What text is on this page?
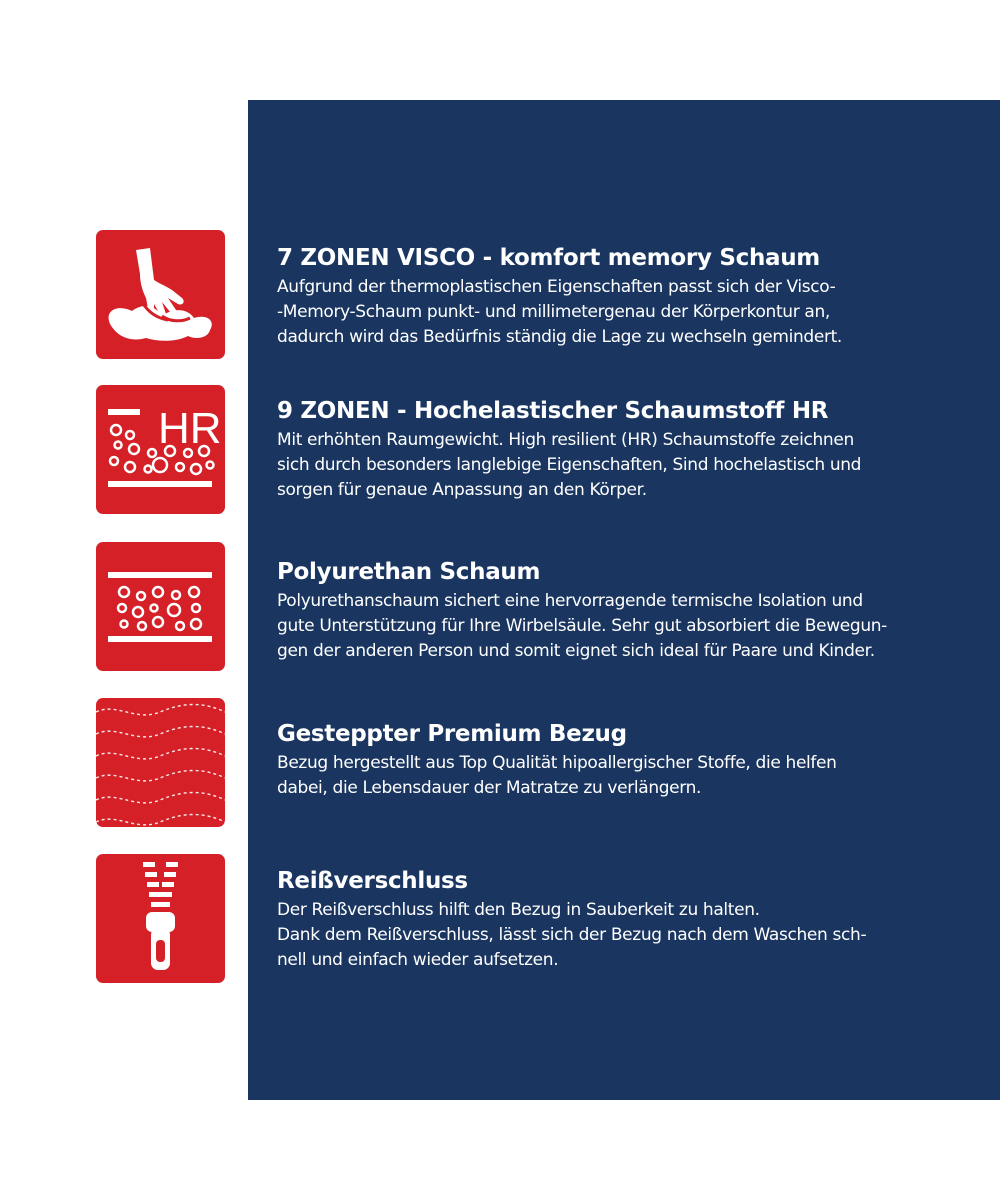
7 ZONEN VISCO - komfort memory Schaum
Aufgrund der thermoplastischen Eigenschaften passt sich der Visco-
-Memory-Schaum punkt- und millimetergenau der Körperkontur an,
dadurch wird das Bedürfnis ständig die Lage zu wechseln gemindert.
HR 9 ZONEN - Hochelastischer Schaumstoff HR
Mit erhöhten Raumgewicht. High resilient (HR) Schaumstoffe zeichnen
sich durch besonders langlebige Eigenschaften, Sind hochelastisch und
sorgen für genaue Anpassung an den Körper.
Polyurethan Schaum
Polyurethanschaum sichert eine hervorragende termische Isolation und
gute Unterstützung für Ihre Wirbelsäule. Sehr gut absorbiert die Bewegun-
gen der anderen Person und somit eignet sich ideal für Paare und Kinder.
Gesteppter Premium Bezug
Bezug hergestellt aus Top Qualität hipoallergischer Stoffe, die helfen
dabei, die Lebensdauer der Matratze zu verlängern.
Reißverschluss
Der Reißverschluss hilft den Bezug in Sauberkeit zu halten.
Dank dem Reißverschluss, lässt sich der Bezug nach dem Waschen sch-
nell und einfach wieder aufsetzen.
